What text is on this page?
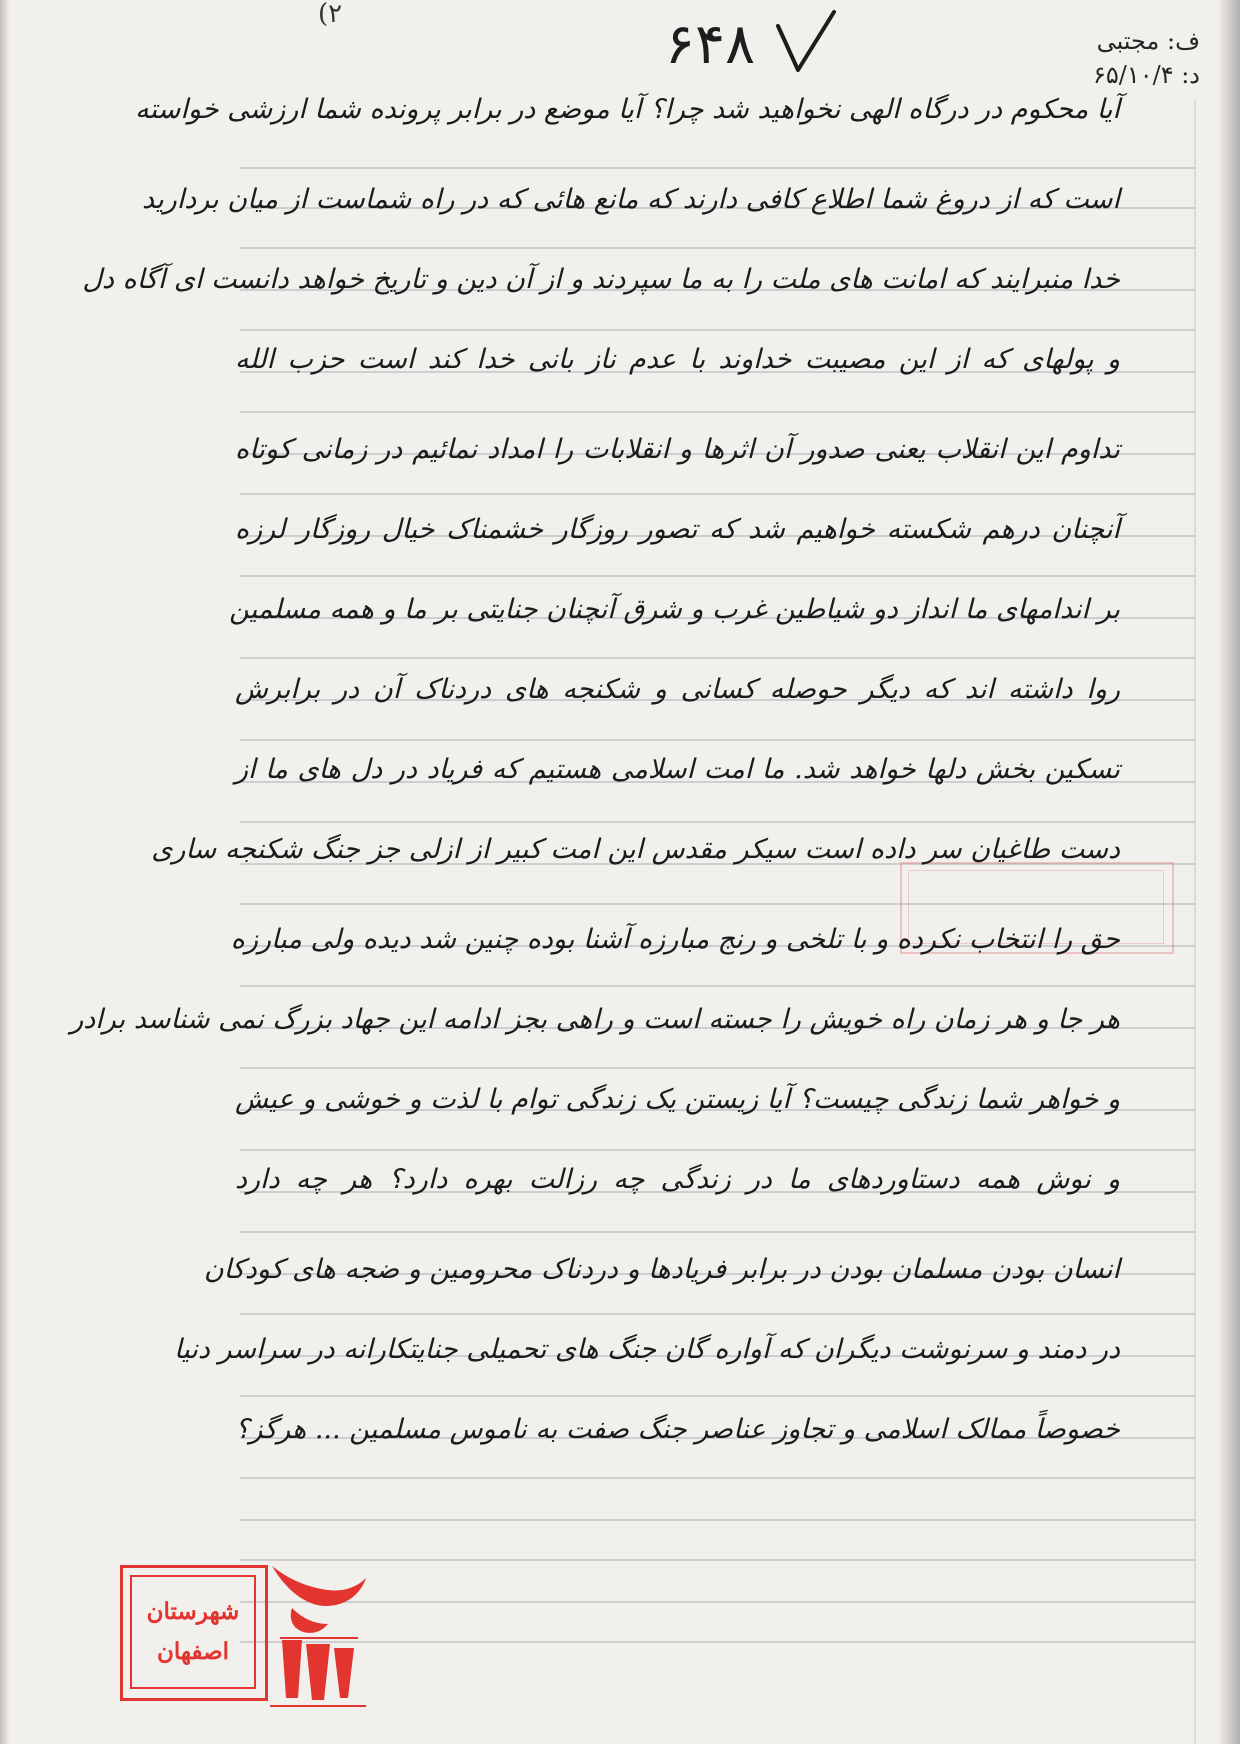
(۲	۶۴۸	ف: مجتبی
د: ۶۵/۱۰/۴
آیا محکوم در درگاه الهی نخواهید شد چرا؟ آیا موضع در برابر پرونده شما ارزشی خواسته
است که از دروغ شما اطلاع کافی دارند که مانع هائی که در راه شماست از میان بردارید
خدا منبرایند که امانت های ملت را به ما سپردند و از آن دین و تاریخ خواهد دانست ای آگاه دل
و پولهای که از این مصیبت خداوند با عدم ناز بانی خدا کند است حزب الله
تداوم این انقلاب یعنی صدور آن اثرها و انقلابات را امداد نمائیم در زمانی کوتاه
آنچنان درهم شکسته خواهیم شد که تصور روزگار خشمناک خیال روزگار لرزه
بر اندامهای ما انداز دو شیاطین غرب و شرق آنچنان جنایتی بر ما و همه مسلمین
روا داشته اند که دیگر حوصله کسانی و شکنجه های دردناک آن در برابرش
تسکین بخش دلها خواهد شد. ما امت اسلامی هستیم که فریاد در دل های ما از
دست طاغیان سر داده است سیکر مقدس این امت کبیر از ازلی جز جنگ شکنجه ساری
حق را انتخاب نکرده و با تلخی و رنج مبارزه آشنا بوده چنین شد دیده ولی مبارزه
هر جا و هر زمان راه خویش را جسته است و راهی بجز ادامه این جهاد بزرگ نمی شناسد برادر
و خواهر شما زندگی چیست؟ آیا زیستن یک زندگی توام با لذت و خوشی و عیش
و نوش همه دستاوردهای ما در زندگی چه رزالت بهره دارد؟ هر چه دارد
انسان بودن مسلمان بودن در برابر فریادها و دردناک محرومین و ضجه های کودکان
در دمند و سرنوشت دیگران که آواره گان جنگ های تحمیلی جنایتکارانه در سراسر دنیا
خصوصاً ممالک اسلامی و تجاوز عناصر جنگ صفت به ناموس مسلمین ... هرگز؟
شهرستان
اصفهان
